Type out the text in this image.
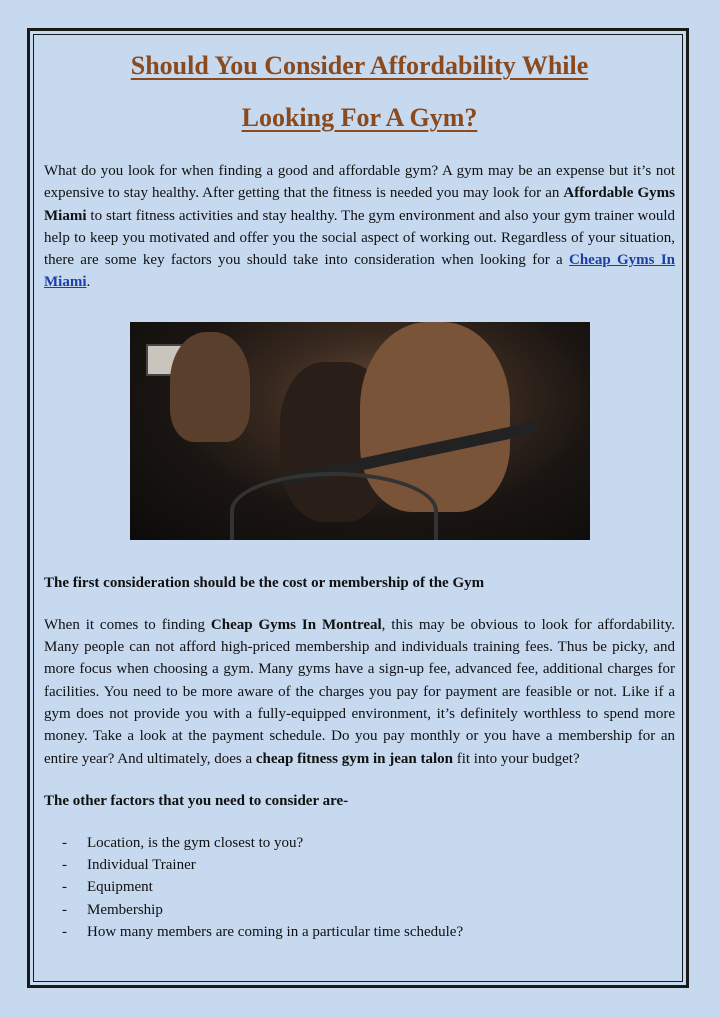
Should You Consider Affordability While
Looking For A Gym?

What do you look for when finding a good and affordable gym? A gym may be an expense but it’s not expensive to stay healthy. After getting that the fitness is needed you may look for an Affordable Gyms Miami to start fitness activities and stay healthy. The gym environment and also your gym trainer would help to keep you motivated and offer you the social aspect of working out. Regardless of your situation, there are some key factors you should take into consideration when looking for a Cheap Gyms In Miami.

The first consideration should be the cost or membership of the Gym

When it comes to finding Cheap Gyms In Montreal, this may be obvious to look for affordability. Many people can not afford high-priced membership and individuals training fees. Thus be picky, and more focus when choosing a gym. Many gyms have a sign-up fee, advanced fee, additional charges for facilities. You need to be more aware of the charges you pay for payment are feasible or not. Like if a gym does not provide you with a fully-equipped environment, it’s definitely worthless to spend more money. Take a look at the payment schedule. Do you pay monthly or you have a membership for an entire year? And ultimately, does a cheap fitness gym in jean talon fit into your budget?

The other factors that you need to consider are-
- Location, is the gym closest to you?
- Individual Trainer
- Equipment
- Membership
- How many members are coming in a particular time schedule?
